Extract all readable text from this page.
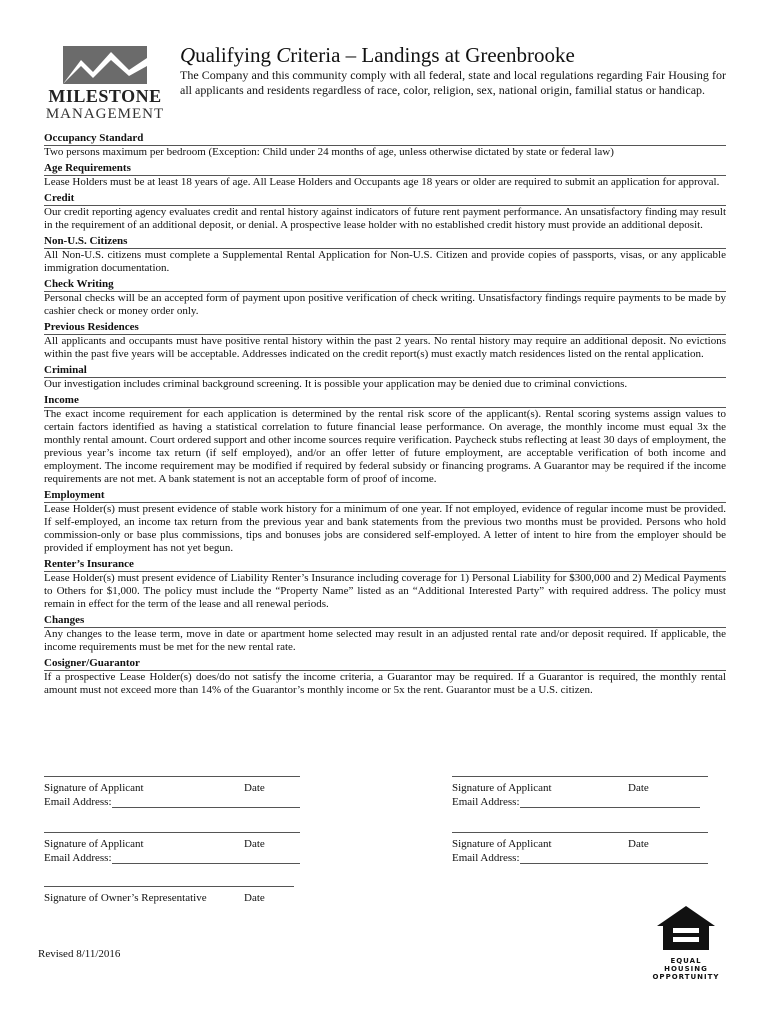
MILESTONE
MANAGEMENT
Qualifying Criteria – Landings at Greenbrooke
The Company and this community comply with all federal, state and local regulations regarding Fair Housing for all applicants and residents regardless of race, color, religion, sex, national origin, familial status or handicap.
Occupancy Standard
Two persons maximum per bedroom (Exception: Child under 24 months of age, unless otherwise dictated by state or federal law)
Age Requirements
Lease Holders must be at least 18 years of age. All Lease Holders and Occupants age 18 years or older are required to submit an application for approval.
Credit
Our credit reporting agency evaluates credit and rental history against indicators of future rent payment performance. An unsatisfactory finding may result in the requirement of an additional deposit, or denial. A prospective lease holder with no established credit history must provide an additional deposit.
Non-U.S. Citizens
All Non-U.S. citizens must complete a Supplemental Rental Application for Non-U.S. Citizen and provide copies of passports, visas, or any applicable immigration documentation.
Check Writing
Personal checks will be an accepted form of payment upon positive verification of check writing. Unsatisfactory findings require payments to be made by cashier check or money order only.
Previous Residences
All applicants and occupants must have positive rental history within the past 2 years. No rental history may require an additional deposit. No evictions within the past five years will be acceptable. Addresses indicated on the credit report(s) must exactly match residences listed on the rental application.
Criminal
Our investigation includes criminal background screening. It is possible your application may be denied due to criminal convictions.
Income
The exact income requirement for each application is determined by the rental risk score of the applicant(s). Rental scoring systems assign values to certain factors identified as having a statistical correlation to future financial lease performance. On average, the monthly income must equal 3x the monthly rental amount. Court ordered support and other income sources require verification. Paycheck stubs reflecting at least 30 days of employment, the previous year’s income tax return (if self employed), and/or an offer letter of future employment, are acceptable verification of both income and employment. The income requirement may be modified if required by federal subsidy or financing programs. A Guarantor may be required if the income requirements are not met. A bank statement is not an acceptable form of proof of income.
Employment
Lease Holder(s) must present evidence of stable work history for a minimum of one year. If not employed, evidence of regular income must be provided. If self-employed, an income tax return from the previous year and bank statements from the previous two months must be provided. Persons who hold commission-only or base plus commissions, tips and bonuses jobs are considered self-employed. A letter of intent to hire from the employer should be provided if employment has not yet begun.
Renter’s Insurance
Lease Holder(s) must present evidence of Liability Renter’s Insurance including coverage for 1) Personal Liability for $300,000 and 2) Medical Payments to Others for $1,000. The policy must include the “Property Name” listed as an “Additional Interested Party” with required address. The policy must remain in effect for the term of the lease and all renewal periods.
Changes
Any changes to the lease term, move in date or apartment home selected may result in an adjusted rental rate and/or deposit required. If applicable, the income requirements must be met for the new rental rate.
Cosigner/Guarantor
If a prospective Lease Holder(s) does/do not satisfy the income criteria, a Guarantor may be required. If a Guarantor is required, the monthly rental amount must not exceed more than 14% of the Guarantor’s monthly income or 5x the rent. Guarantor must be a U.S. citizen.
Signature of Applicant	Date
Email Address:
Signature of Applicant	Date
Email Address:
Signature of Applicant	Date
Email Address:
Signature of Applicant	Date
Email Address:
Signature of Owner’s Representative	Date
Revised 8/11/2016
EQUAL HOUSING
OPPORTUNITY
